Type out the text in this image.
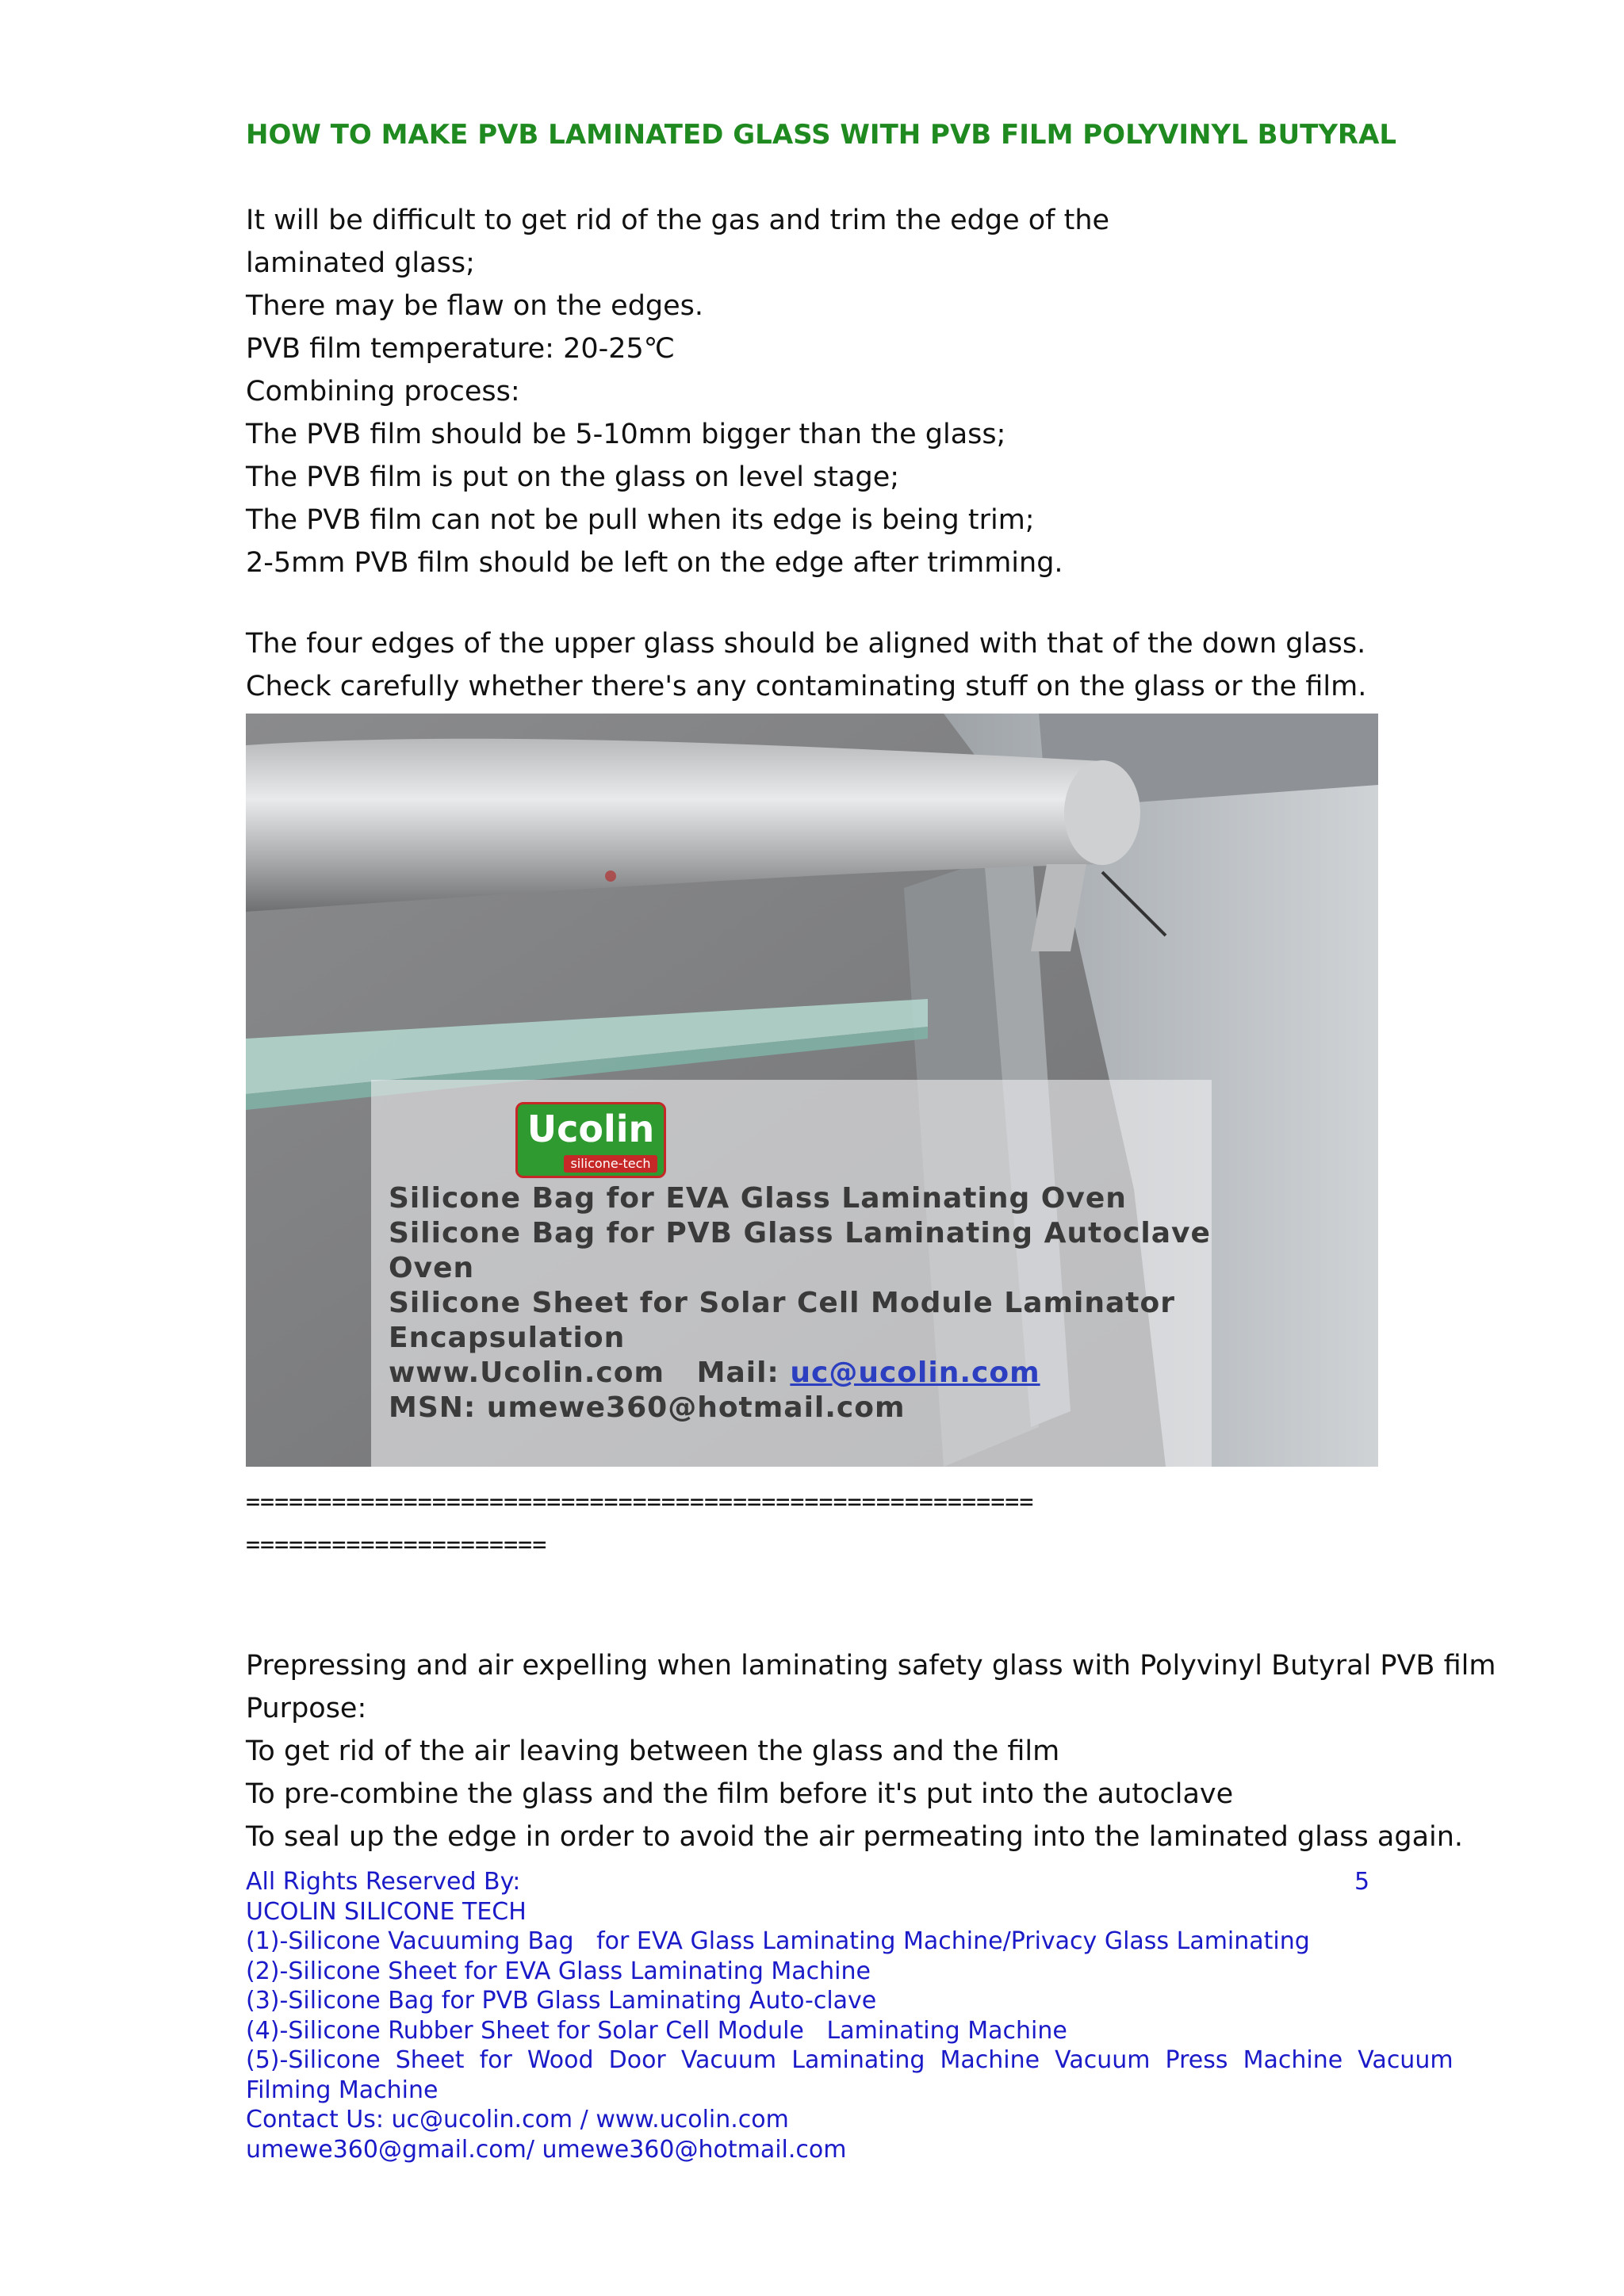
HOW TO MAKE PVB LAMINATED GLASS WITH PVB FILM POLYVINYL BUTYRAL
It will be difficult to get rid of the gas and trim the edge of the
laminated glass;
There may be flaw on the edges.
PVB film temperature: 20-25℃
Combining process:
The PVB film should be 5-10mm bigger than the glass;
The PVB film is put on the glass on level stage;
The PVB film can not be pull when its edge is being trim;
2-5mm PVB film should be left on the edge after trimming.
The four edges of the upper glass should be aligned with that of the down glass.
Check carefully whether there's any contaminating stuff on the glass or the film.
Ucolin
silicone-tech
Silicone Bag for EVA Glass Laminating Oven
Silicone Bag for PVB Glass Laminating Autoclave
Oven
Silicone Sheet for Solar Cell Module Laminator
Encapsulation
www.Ucolin.com   Mail: uc@ucolin.com
MSN: umewe360@hotmail.com
=======================================================
=====================
Prepressing and air expelling when laminating safety glass with Polyvinyl Butyral PVB film
Purpose:
To get rid of the air leaving between the glass and the film
To pre-combine the glass and the film before it's put into the autoclave
To seal up the edge in order to avoid the air permeating into the laminated glass again.
5
All Rights Reserved By:
UCOLIN SILICONE TECH
(1)-Silicone Vacuuming Bag   for EVA Glass Laminating Machine/Privacy Glass Laminating
(2)-Silicone Sheet for EVA Glass Laminating Machine
(3)-Silicone Bag for PVB Glass Laminating Auto-clave
(4)-Silicone Rubber Sheet for Solar Cell Module   Laminating Machine
(5)-Silicone  Sheet  for  Wood  Door  Vacuum  Laminating  Machine  Vacuum  Press  Machine  Vacuum
Filming Machine
Contact Us: uc@ucolin.com / www.ucolin.com
umewe360@gmail.com/ umewe360@hotmail.com
